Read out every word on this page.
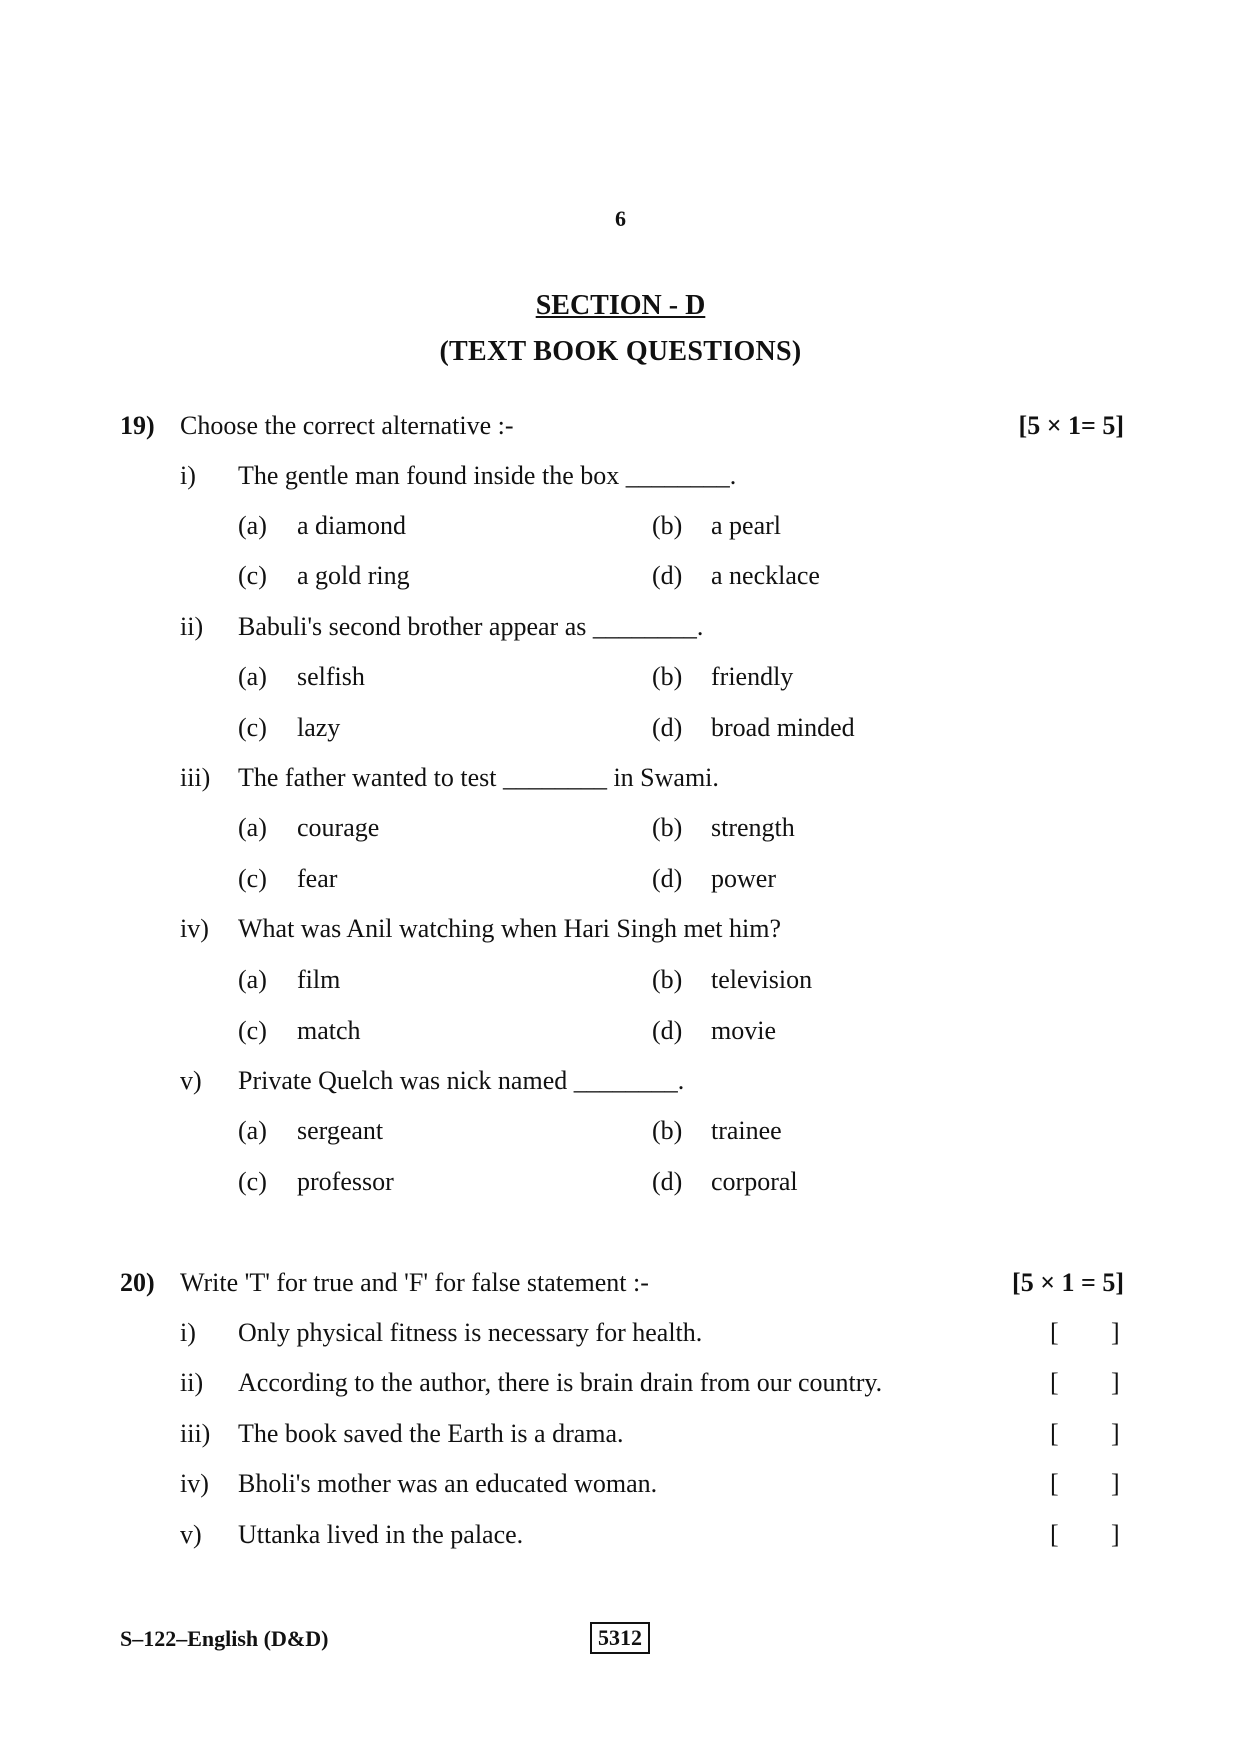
6
SECTION - D
(TEXT BOOK QUESTIONS)
19) Choose the correct alternative :-	[5 × 1= 5]
i) The gentle man found inside the box ________.
(a) a diamond	(b) a pearl
(c) a gold ring	(d) a necklace
ii) Babuli's second brother appear as ________.
(a) selfish	(b) friendly
(c) lazy	(d) broad minded
iii) The father wanted to test ________ in Swami.
(a) courage	(b) strength
(c) fear	(d) power
iv) What was Anil watching when Hari Singh met him?
(a) film	(b) television
(c) match	(d) movie
v) Private Quelch was nick named ________.
(a) sergeant	(b) trainee
(c) professor	(d) corporal
20) Write 'T' for true and 'F' for false statement :-	[5 × 1 = 5]
i) Only physical fitness is necessary for health.	[ ]
ii) According to the author, there is brain drain from our country.	[ ]
iii) The book saved the Earth is a drama.	[ ]
iv) Bholi's mother was an educated woman.	[ ]
v) Uttanka lived in the palace.	[ ]
S–122–English (D&D)	5312
